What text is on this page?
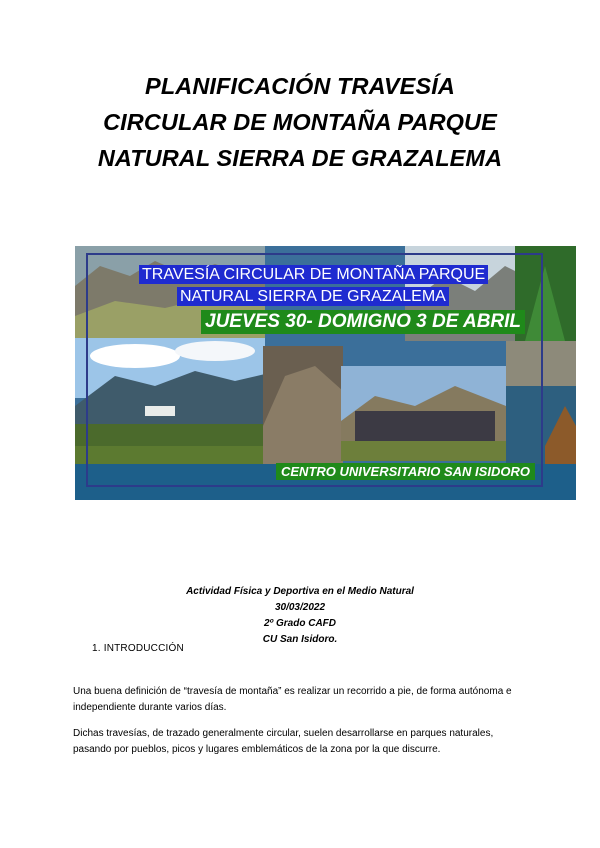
PLANIFICACIÓN TRAVESÍA
CIRCULAR DE MONTAÑA PARQUE
NATURAL SIERRA DE GRAZALEMA
TRAVESÍA CIRCULAR DE MONTAÑA PARQUE
NATURAL SIERRA DE GRAZALEMA
JUEVES 30- DOMIGNO 3 DE ABRIL
CENTRO UNIVERSITARIO SAN ISIDORO
Actividad Física y Deportiva en el Medio Natural
30/03/2022
2º Grado CAFD
CU San Isidoro.
1. INTRODUCCIÓN

Una buena definición de “travesía de montaña” es realizar un recorrido a pie, de forma autónoma e independiente durante varios días.

Dichas travesías, de trazado generalmente circular, suelen desarrollarse en parques naturales, pasando por pueblos, picos y lugares emblemáticos de la zona por la que discurre.
